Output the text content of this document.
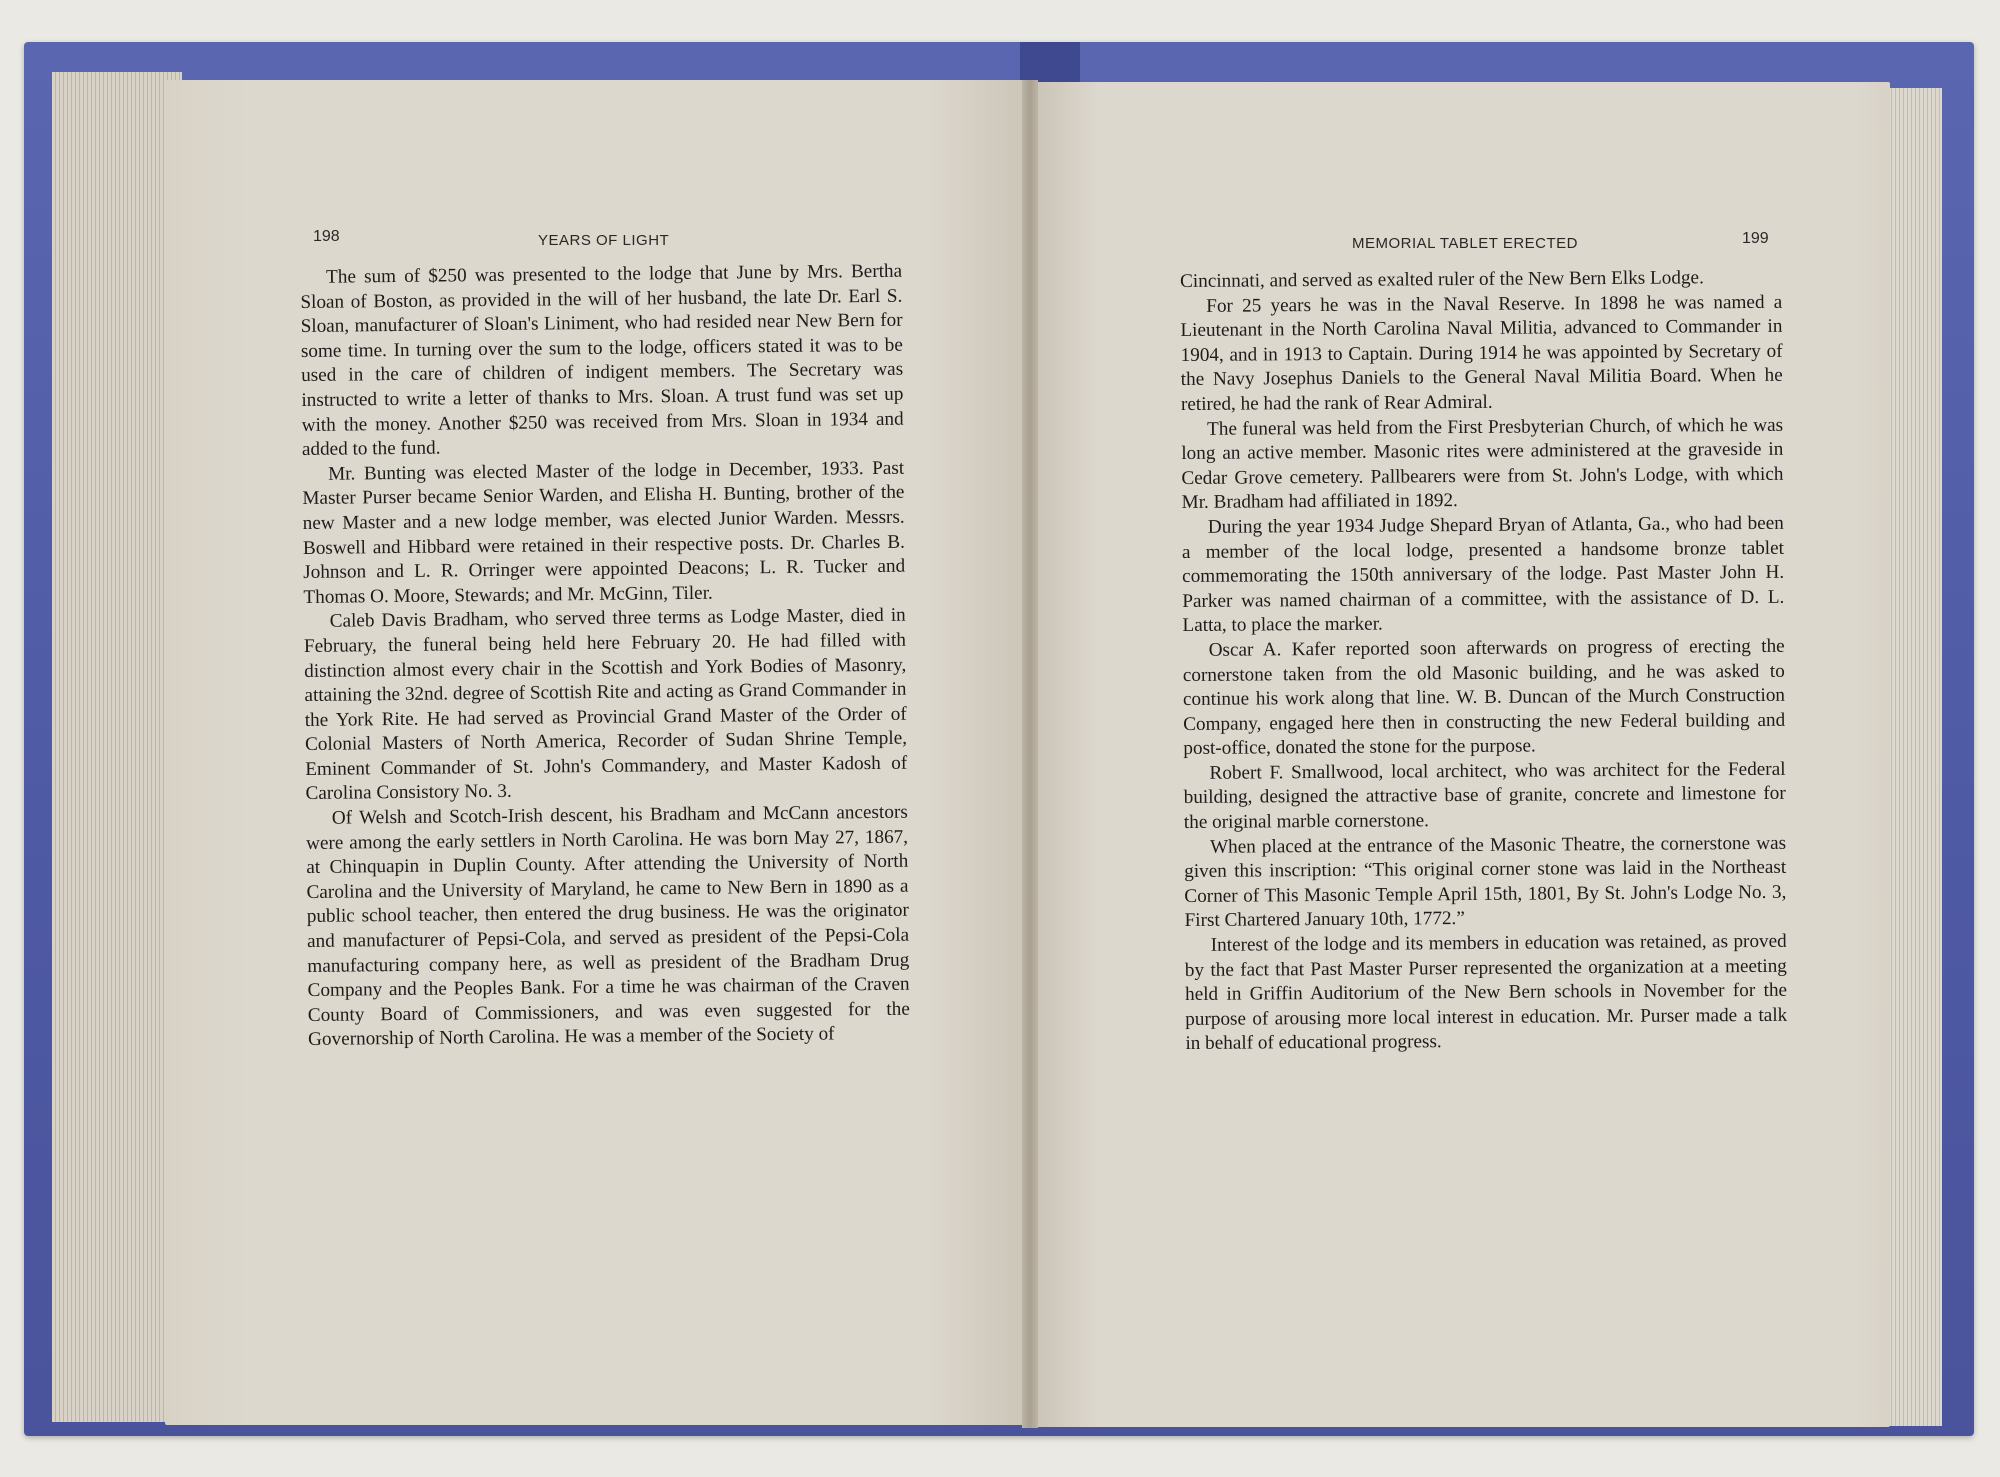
198	YEARS OF LIGHT	MEMORIAL TABLET ERECTED	199

The sum of $250 was presented to the lodge that June by Mrs. Bertha Sloan of Boston, as provided in the will of her husband, the late Dr. Earl S. Sloan, manufacturer of Sloan's Liniment, who had resided near New Bern for some time. In turning over the sum to the lodge, officers stated it was to be used in the care of children of indigent members. The Secretary was instructed to write a letter of thanks to Mrs. Sloan. A trust fund was set up with the money. Another $250 was received from Mrs. Sloan in 1934 and added to the fund.

Mr. Bunting was elected Master of the lodge in December, 1933. Past Master Purser became Senior Warden, and Elisha H. Bunting, brother of the new Master and a new lodge member, was elected Junior Warden. Messrs. Boswell and Hibbard were retained in their respective posts. Dr. Charles B. Johnson and L. R. Orringer were appointed Deacons; L. R. Tucker and Thomas O. Moore, Stewards; and Mr. McGinn, Tiler.

Caleb Davis Bradham, who served three terms as Lodge Master, died in February, the funeral being held here February 20. He had filled with distinction almost every chair in the Scottish and York Bodies of Masonry, attaining the 32nd. degree of Scottish Rite and acting as Grand Commander in the York Rite. He had served as Provincial Grand Master of the Order of Colonial Masters of North America, Recorder of Sudan Shrine Temple, Eminent Commander of St. John's Commandery, and Master Kadosh of Carolina Consistory No. 3.

Of Welsh and Scotch-Irish descent, his Bradham and McCann ancestors were among the early settlers in North Carolina. He was born May 27, 1867, at Chinquapin in Duplin County. After attending the University of North Carolina and the University of Maryland, he came to New Bern in 1890 as a public school teacher, then entered the drug business. He was the originator and manufacturer of Pepsi-Cola, and served as president of the Pepsi-Cola manufacturing company here, as well as president of the Bradham Drug Company and the Peoples Bank. For a time he was chairman of the Craven County Board of Commissioners, and was even suggested for the Governorship of North Carolina. He was a member of the Society of

Cincinnati, and served as exalted ruler of the New Bern Elks Lodge.

For 25 years he was in the Naval Reserve. In 1898 he was named a Lieutenant in the North Carolina Naval Militia, advanced to Commander in 1904, and in 1913 to Captain. During 1914 he was appointed by Secretary of the Navy Josephus Daniels to the General Naval Militia Board. When he retired, he had the rank of Rear Admiral.

The funeral was held from the First Presbyterian Church, of which he was long an active member. Masonic rites were administered at the graveside in Cedar Grove cemetery. Pallbearers were from St. John's Lodge, with which Mr. Bradham had affiliated in 1892.

During the year 1934 Judge Shepard Bryan of Atlanta, Ga., who had been a member of the local lodge, presented a handsome bronze tablet commemorating the 150th anniversary of the lodge. Past Master John H. Parker was named chairman of a committee, with the assistance of D. L. Latta, to place the marker.

Oscar A. Kafer reported soon afterwards on progress of erecting the cornerstone taken from the old Masonic building, and he was asked to continue his work along that line. W. B. Duncan of the Murch Construction Company, engaged here then in constructing the new Federal building and post-office, donated the stone for the purpose.

Robert F. Smallwood, local architect, who was architect for the Federal building, designed the attractive base of granite, concrete and limestone for the original marble cornerstone.

When placed at the entrance of the Masonic Theatre, the cornerstone was given this inscription: “This original corner stone was laid in the Northeast Corner of This Masonic Temple April 15th, 1801, By St. John's Lodge No. 3, First Chartered January 10th, 1772.”

Interest of the lodge and its members in education was retained, as proved by the fact that Past Master Purser represented the organization at a meeting held in Griffin Auditorium of the New Bern schools in November for the purpose of arousing more local interest in education. Mr. Purser made a talk in behalf of educational progress.
